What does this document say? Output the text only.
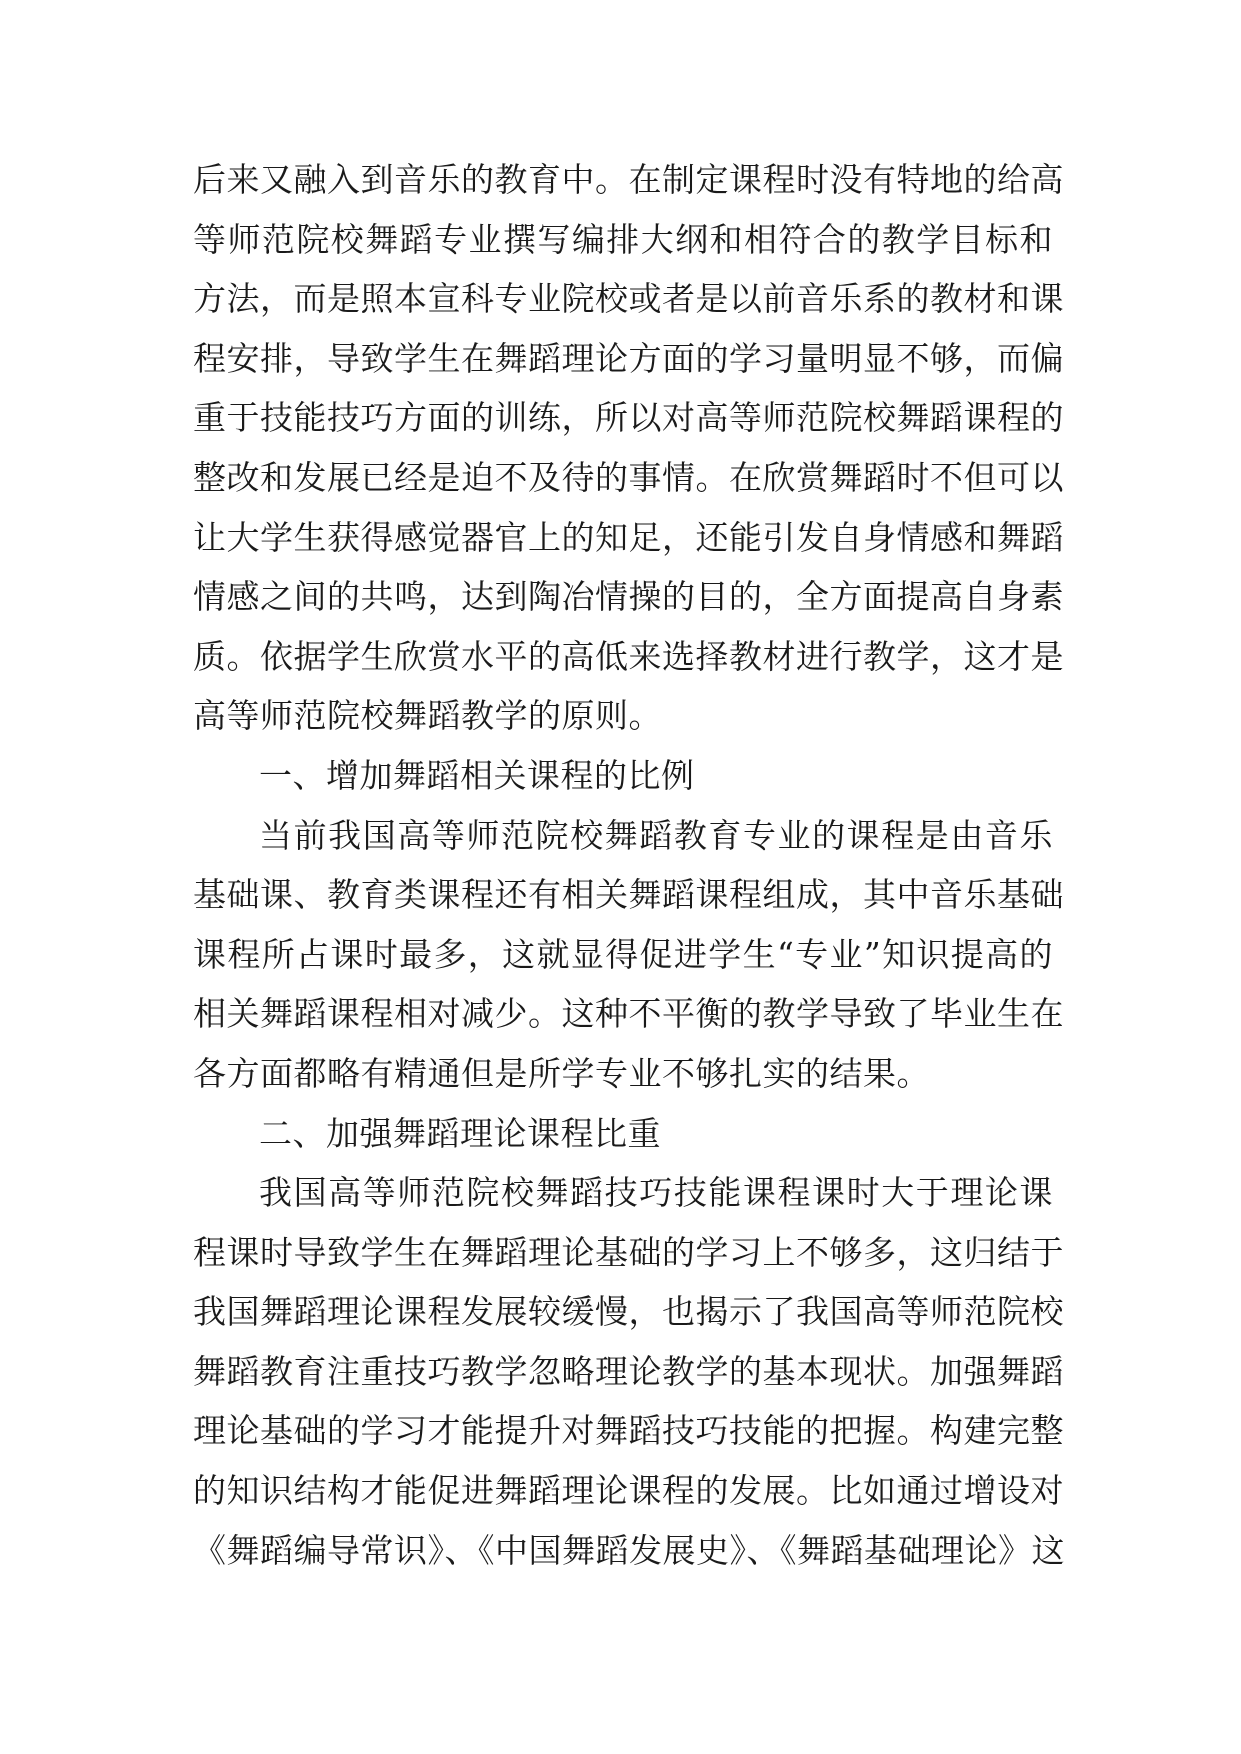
后来又融入到音乐的教育中。在制定课程时没有特地的给高
等师范院校舞蹈专业撰写编排大纲和相符合的教学目标和
方法，而是照本宣科专业院校或者是以前音乐系的教材和课
程安排，导致学生在舞蹈理论方面的学习量明显不够，而偏
重于技能技巧方面的训练，所以对高等师范院校舞蹈课程的
整改和发展已经是迫不及待的事情。在欣赏舞蹈时不但可以
让大学生获得感觉器官上的知足，还能引发自身情感和舞蹈
情感之间的共鸣，达到陶冶情操的目的，全方面提高自身素
质。依据学生欣赏水平的高低来选择教材进行教学，这才是
高等师范院校舞蹈教学的原则。
一、增加舞蹈相关课程的比例
当前我国高等师范院校舞蹈教育专业的课程是由音乐
基础课、教育类课程还有相关舞蹈课程组成，其中音乐基础
课程所占课时最多，这就显得促进学生“专业”知识提高的
相关舞蹈课程相对减少。这种不平衡的教学导致了毕业生在
各方面都略有精通但是所学专业不够扎实的结果。
二、加强舞蹈理论课程比重
我国高等师范院校舞蹈技巧技能课程课时大于理论课
程课时导致学生在舞蹈理论基础的学习上不够多，这归结于
我国舞蹈理论课程发展较缓慢，也揭示了我国高等师范院校
舞蹈教育注重技巧教学忽略理论教学的基本现状。加强舞蹈
理论基础的学习才能提升对舞蹈技巧技能的把握。构建完整
的知识结构才能促进舞蹈理论课程的发展。比如通过增设对
《舞蹈编导常识》、《中国舞蹈发展史》、《舞蹈基础理论》这
